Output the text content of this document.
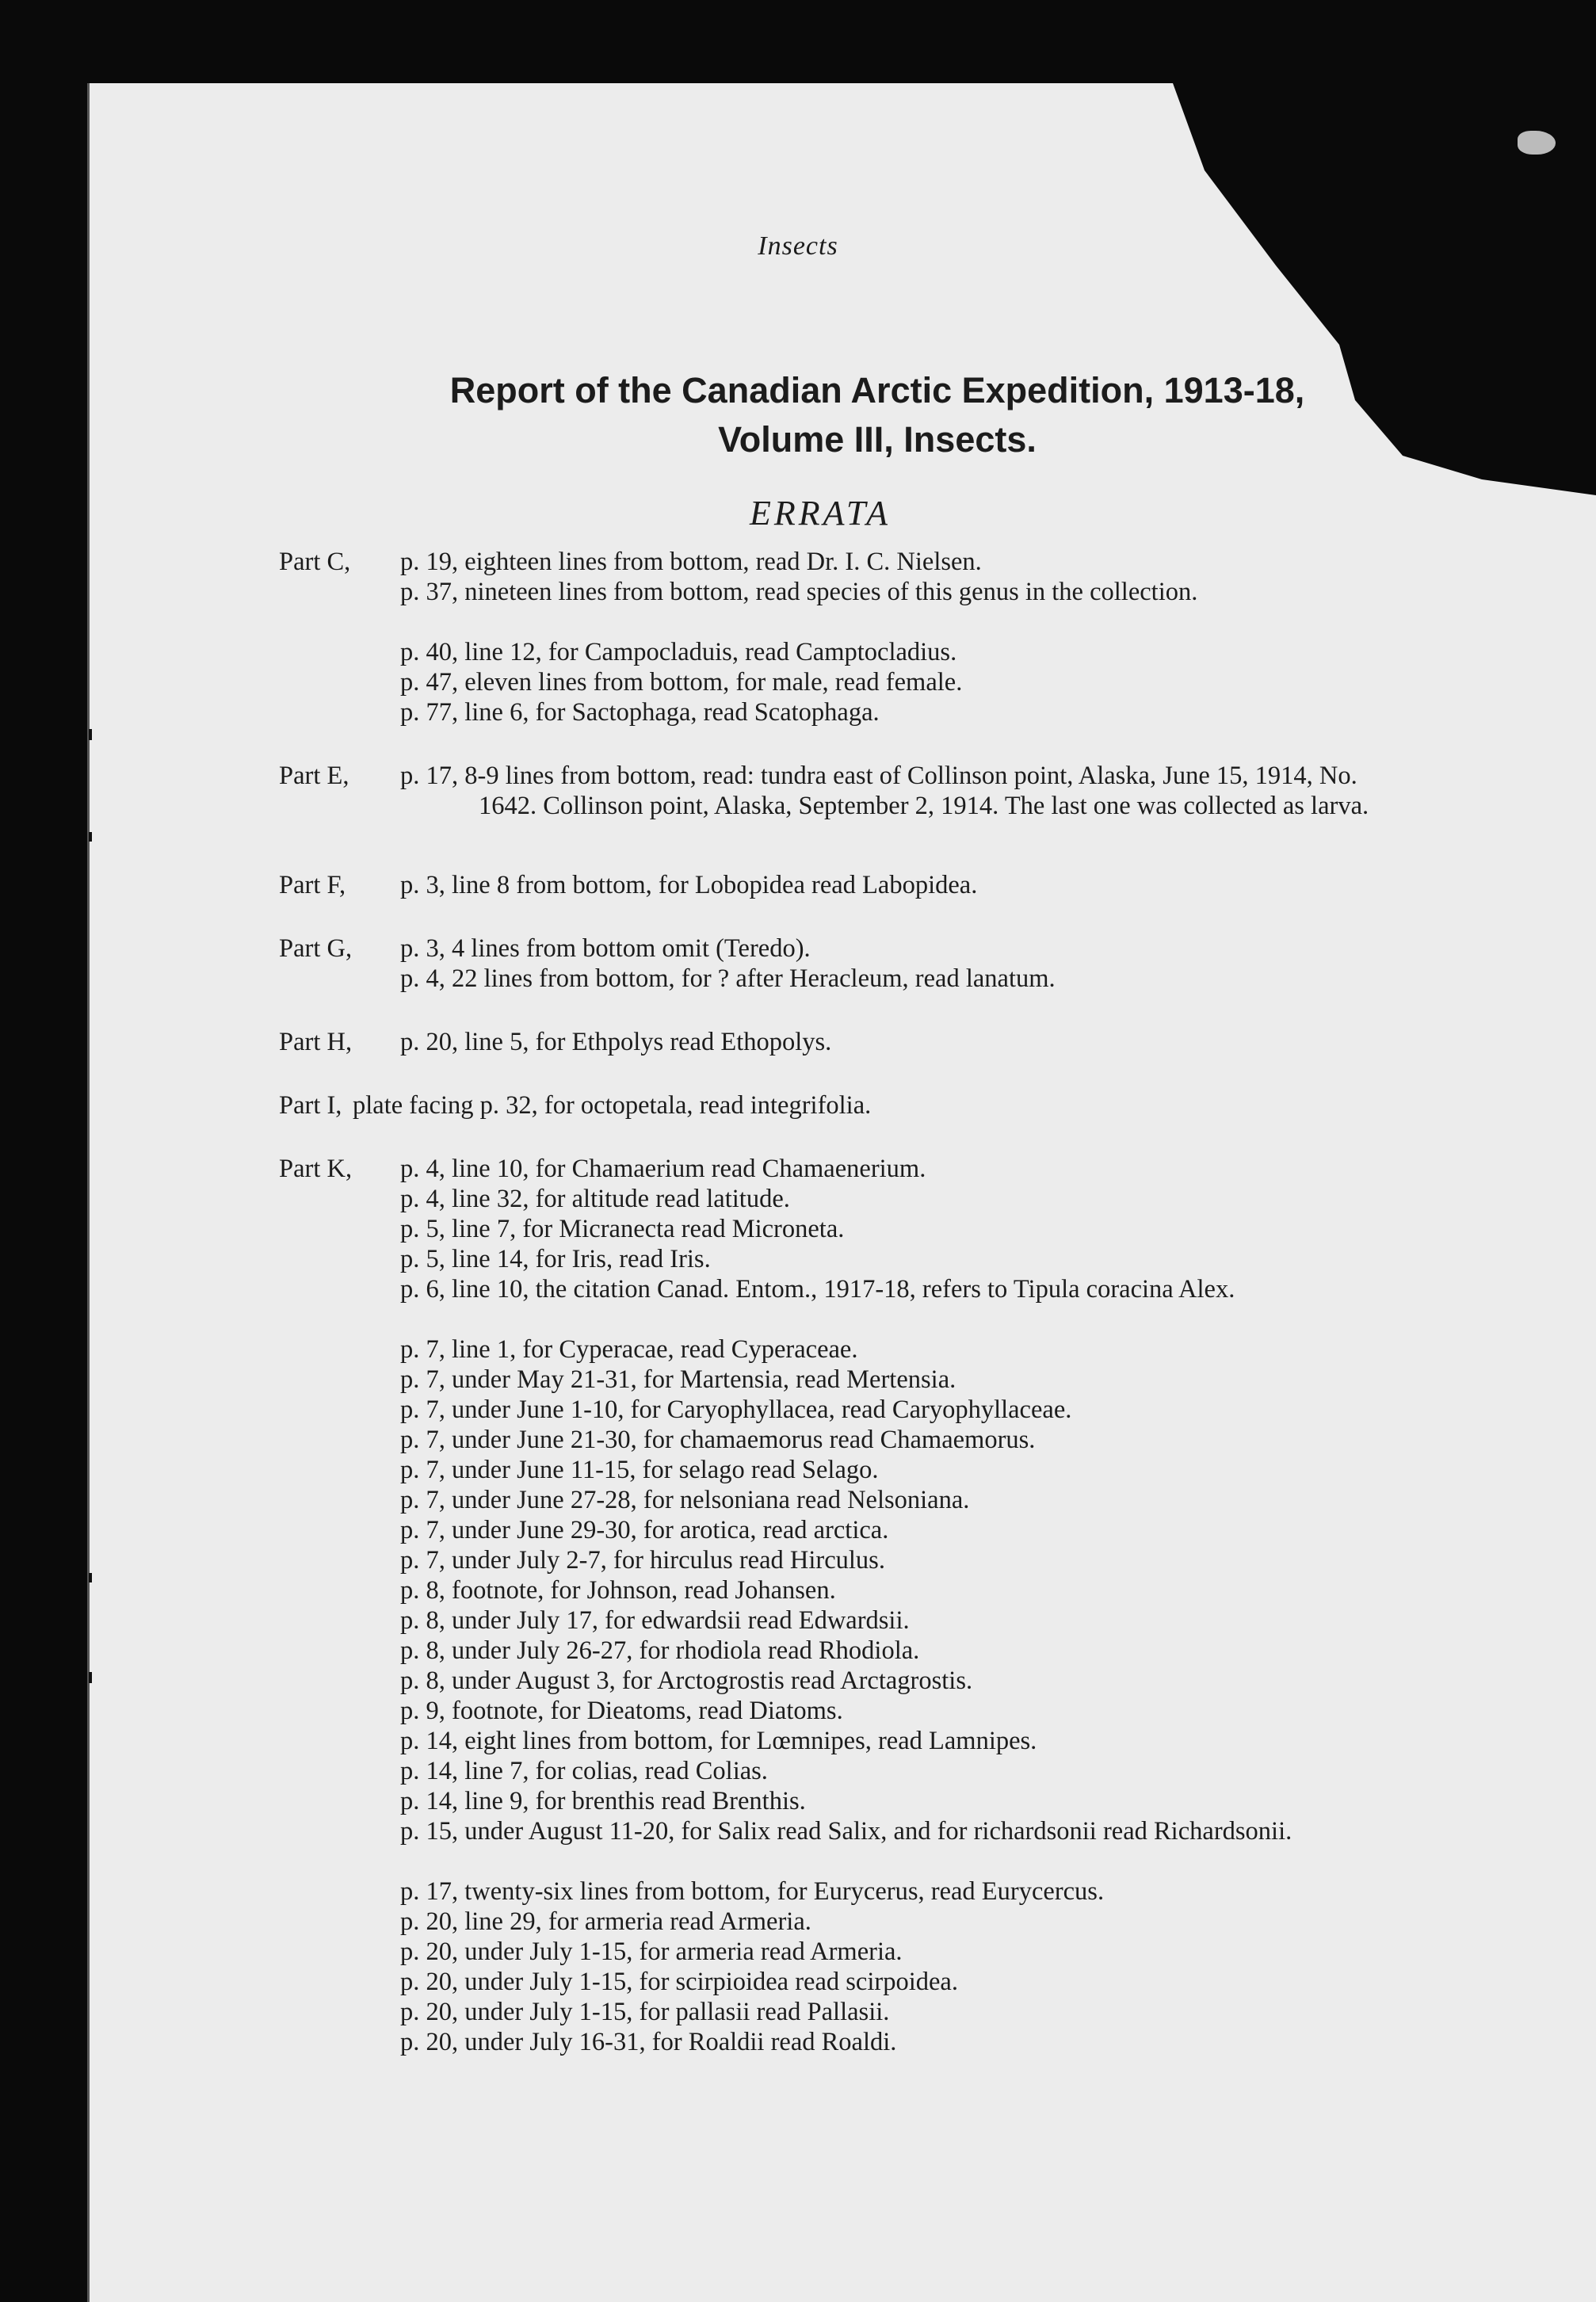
Insects
Report of the Canadian Arctic Expedition, 1913-18,
Volume III, Insects.
ERRATA
Part C, p. 19, eighteen lines from bottom, read Dr. I. C. Nielsen.
p. 37, nineteen lines from bottom, read species of this genus in the collection.
p. 40, line 12, for Campocladuis, read Camptocladius.
p. 47, eleven lines from bottom, for male, read female.
p. 77, line 6, for Sactophaga, read Scatophaga.
Part E, p. 17, 8-9 lines from bottom, read: tundra east of Collinson point, Alaska, June 15, 1914, No. 1642. Collinson point, Alaska, September 2, 1914. The last one was collected as larva.
Part F, p. 3, line 8 from bottom, for Lobopidea read Labopidea.
Part G, p. 3, 4 lines from bottom omit (Teredo).
p. 4, 22 lines from bottom, for ? after Heracleum, read lanatum.
Part H, p. 20, line 5, for Ethpolys read Ethopolys.
Part I, plate facing p. 32, for octopetala, read integrifolia.
Part K, p. 4, line 10, for Chamaerium read Chamaenerium.
p. 4, line 32, for altitude read latitude.
p. 5, line 7, for Micranecta read Microneta.
p. 5, line 14, for Iris, read Iris.
p. 6, line 10, the citation Canad. Entom., 1917-18, refers to Tipula coracina Alex.
p. 7, line 1, for Cyperacae, read Cyperaceae.
p. 7, under May 21-31, for Martensia, read Mertensia.
p. 7, under June 1-10, for Caryophyllacea, read Caryophyllaceae.
p. 7, under June 21-30, for chamaemorus read Chamaemorus.
p. 7, under June 11-15, for selago read Selago.
p. 7, under June 27-28, for nelsoniana read Nelsoniana.
p. 7, under June 29-30, for arotica, read arctica.
p. 7, under July 2-7, for hirculus read Hirculus.
p. 8, footnote, for Johnson, read Johansen.
p. 8, under July 17, for edwardsii read Edwardsii.
p. 8, under July 26-27, for rhodiola read Rhodiola.
p. 8, under August 3, for Arctogrostis read Arctagrostis.
p. 9, footnote, for Dieatoms, read Diatoms.
p. 14, eight lines from bottom, for Lœmnipes, read Lamnipes.
p. 14, line 7, for colias, read Colias.
p. 14, line 9, for brenthis read Brenthis.
p. 15, under August 11-20, for Salix read Salix, and for richardsonii read Richardsonii.
p. 17, twenty-six lines from bottom, for Eurycerus, read Eurycercus.
p. 20, line 29, for armeria read Armeria.
p. 20, under July 1-15, for armeria read Armeria.
p. 20, under July 1-15, for scirpioidea read scirpoidea.
p. 20, under July 1-15, for pallasii read Pallasii.
p. 20, under July 16-31, for Roaldii read Roaldi.
